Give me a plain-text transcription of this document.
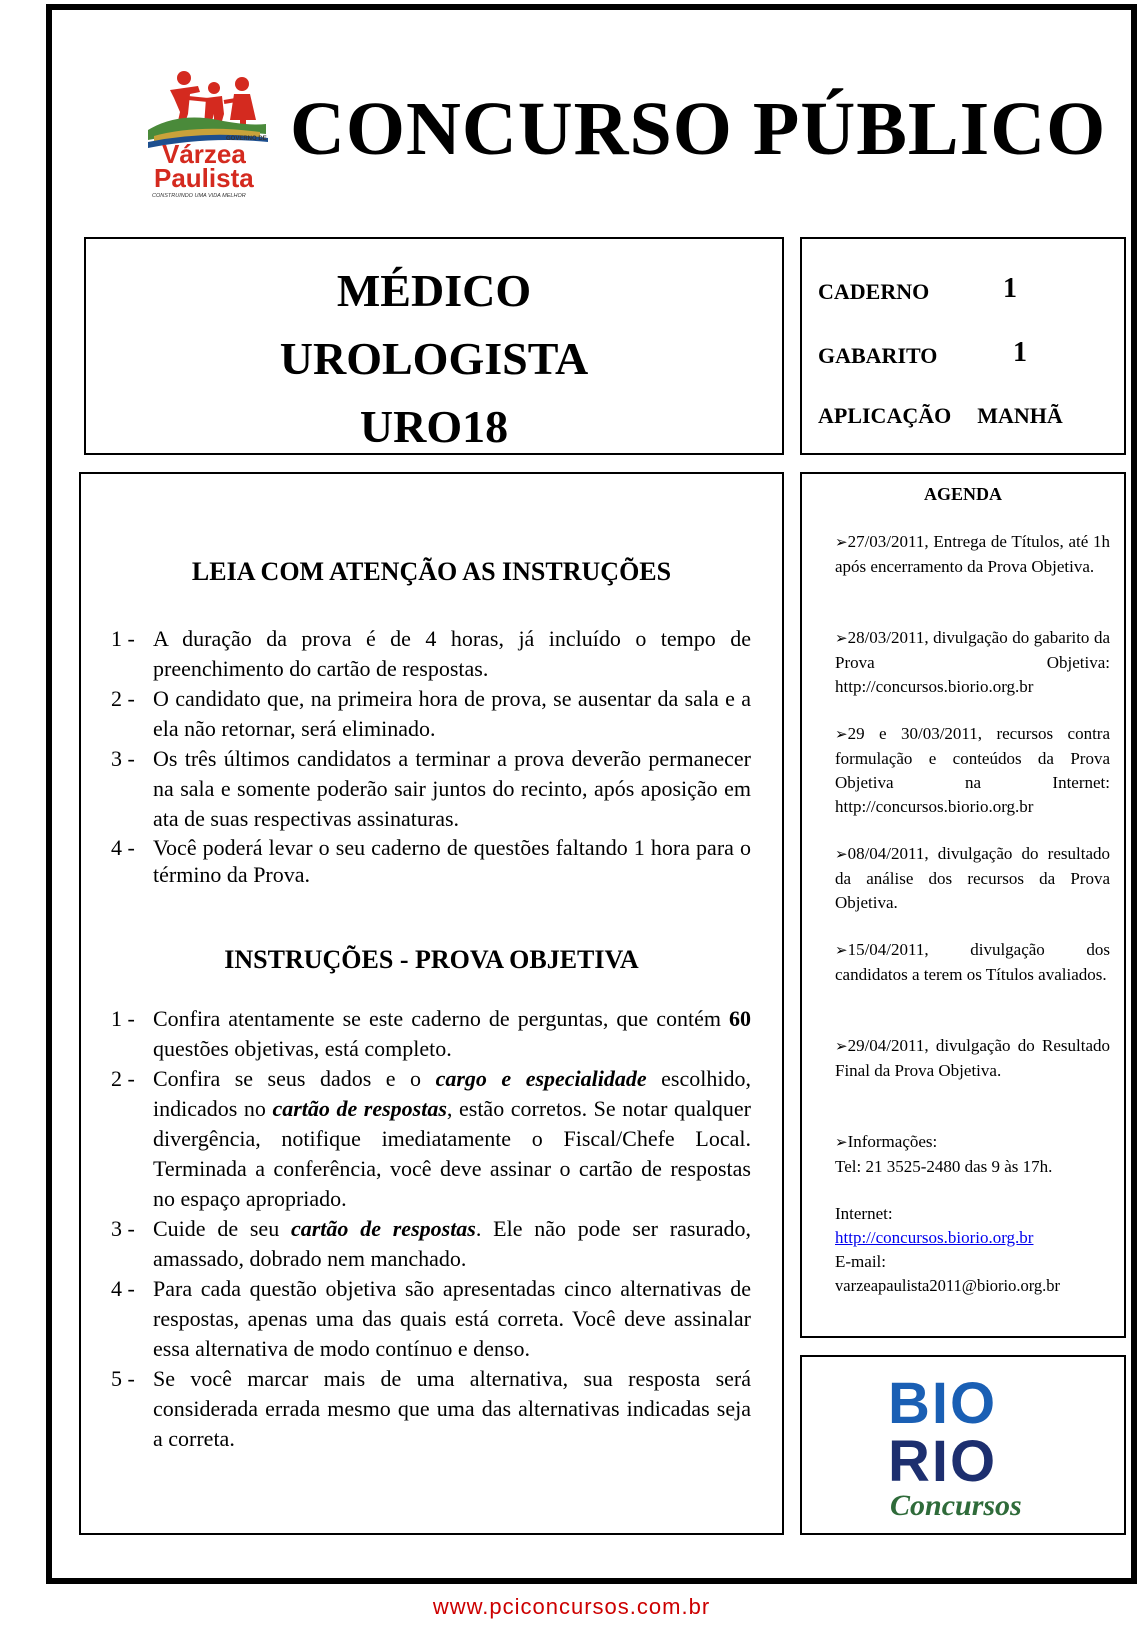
GOVERNO DE
Várzea
Paulista
CONSTRUINDO UMA VIDA MELHOR
CONCURSO PÚBLICO
MÉDICO
UROLOGISTA
URO18
CADERNO	1
GABARITO	1
APLICAÇÃO MANHÃ
LEIA COM ATENÇÃO AS INSTRUÇÕES
1 - A duração da prova é de 4 horas, já incluído o tempo de preenchimento do cartão de respostas.
2 - O candidato que, na primeira hora de prova, se ausentar da sala e a ela não retornar, será eliminado.
3 - Os três últimos candidatos a terminar a prova deverão permanecer na sala e somente poderão sair juntos do recinto, após aposição em ata de suas respectivas assinaturas.
4 - Você poderá levar o seu caderno de questões faltando 1 hora para o término da Prova.
INSTRUÇÕES - PROVA OBJETIVA
1 - Confira atentamente se este caderno de perguntas, que contém 60 questões objetivas, está completo.
2 - Confira se seus dados e o cargo e especialidade escolhido, indicados no cartão de respostas, estão corretos. Se notar qualquer divergência, notifique imediatamente o Fiscal/Chefe Local. Terminada a conferência, você deve assinar o cartão de respostas no espaço apropriado.
3 - Cuide de seu cartão de respostas. Ele não pode ser rasurado, amassado, dobrado nem manchado.
4 - Para cada questão objetiva são apresentadas cinco alternativas de respostas, apenas uma das quais está correta. Você deve assinalar essa alternativa de modo contínuo e denso.
5 - Se você marcar mais de uma alternativa, sua resposta será considerada errada mesmo que uma das alternativas indicadas seja a correta.
AGENDA
➢27/03/2011, Entrega de Títulos, até 1h após encerramento da Prova Objetiva.
➢28/03/2011, divulgação do gabarito da Prova Objetiva: http://concursos.biorio.org.br
➢29 e 30/03/2011, recursos contra formulação e conteúdos da Prova Objetiva na Internet: http://concursos.biorio.org.br
➢08/04/2011, divulgação do resultado da análise dos recursos da Prova Objetiva.
➢15/04/2011, divulgação dos candidatos a terem os Títulos avaliados.
➢29/04/2011, divulgação do Resultado Final da Prova Objetiva.
➢Informações:
Tel: 21 3525-2480 das 9 às 17h.
Internet:
http://concursos.biorio.org.br
E-mail:
varzeapaulista2011@biorio.org.br
BIO
RIO
Concursos
www.pciconcursos.com.br
